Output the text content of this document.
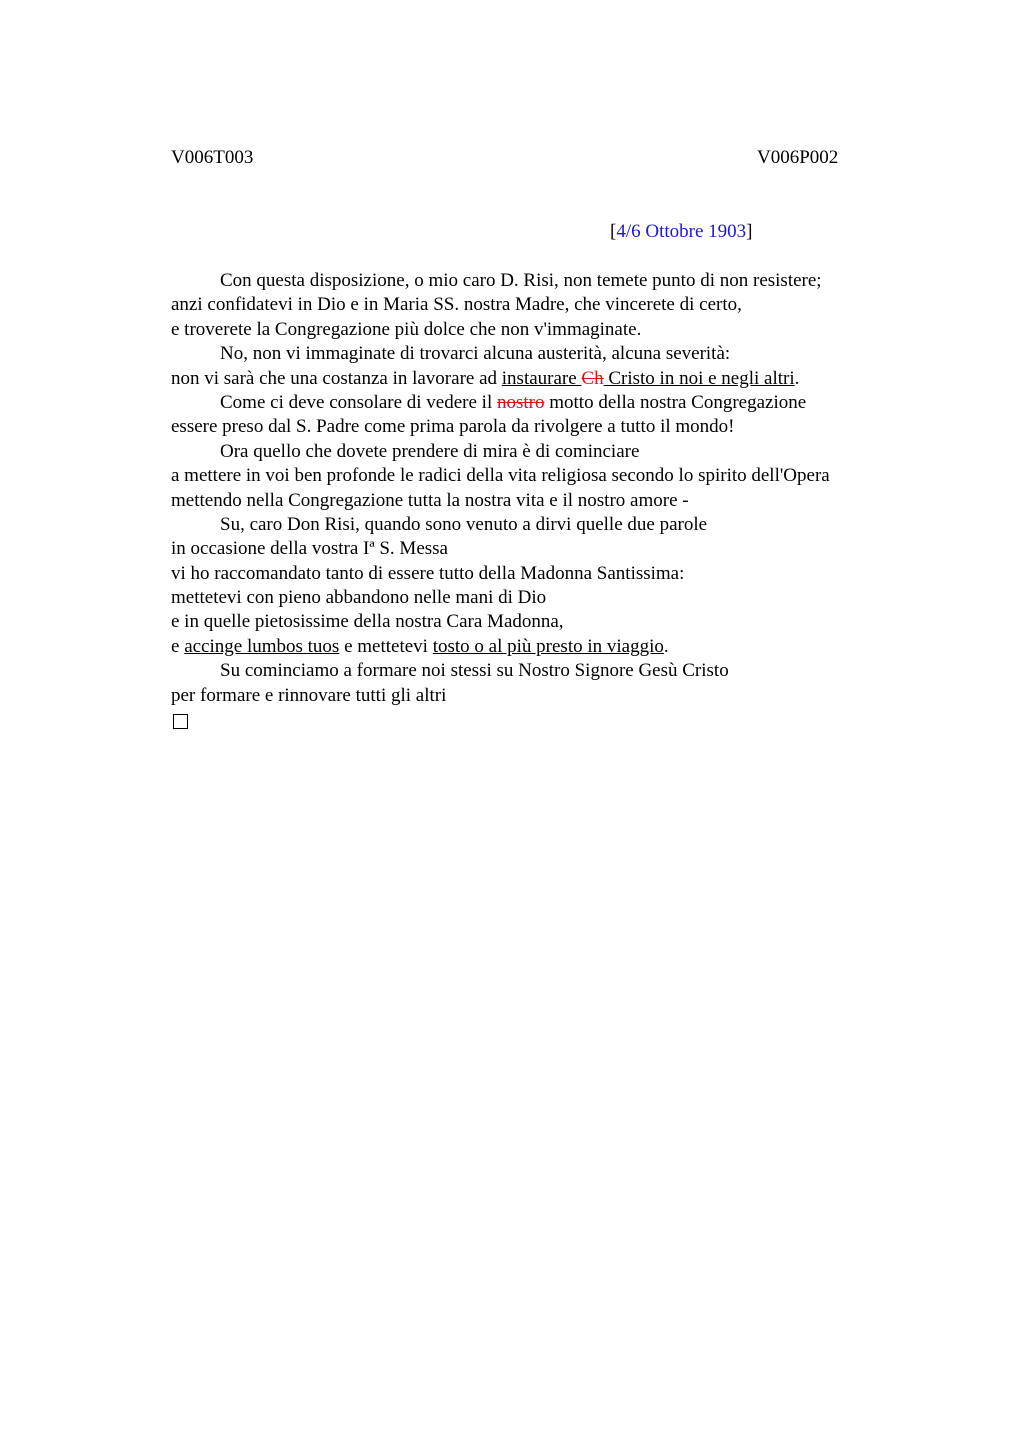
V006T003	V006P002
[4/6 Ottobre 1903]
Con questa disposizione, o mio caro D. Risi, non temete punto di non resistere;
anzi confidatevi in Dio e in Maria SS. nostra Madre, che vincerete di certo,
e troverete la Congregazione più dolce che non v'immaginate.
No, non vi immaginate di trovarci alcuna austerità, alcuna severità:
non vi sarà che una costanza in lavorare ad instaurare Ch Cristo in noi e negli altri.
Come ci deve consolare di vedere il nostro motto della nostra Congregazione
essere preso dal S. Padre come prima parola da rivolgere a tutto il mondo!
Ora quello che dovete prendere di mira è di cominciare
a mettere in voi ben profonde le radici della vita religiosa secondo lo spirito dell'Opera
mettendo nella Congregazione tutta la nostra vita e il nostro amore -
Su, caro Don Risi, quando sono venuto a dirvi quelle due parole
in occasione della vostra Iª S. Messa
vi ho raccomandato tanto di essere tutto della Madonna Santissima:
mettetevi con pieno abbandono nelle mani di Dio
e in quelle pietosissime della nostra Cara Madonna,
e accinge lumbos tuos e mettetevi tosto o al più presto in viaggio.
Su cominciamo a formare noi stessi su Nostro Signore Gesù Cristo
per formare e rinnovare tutti gli altri
